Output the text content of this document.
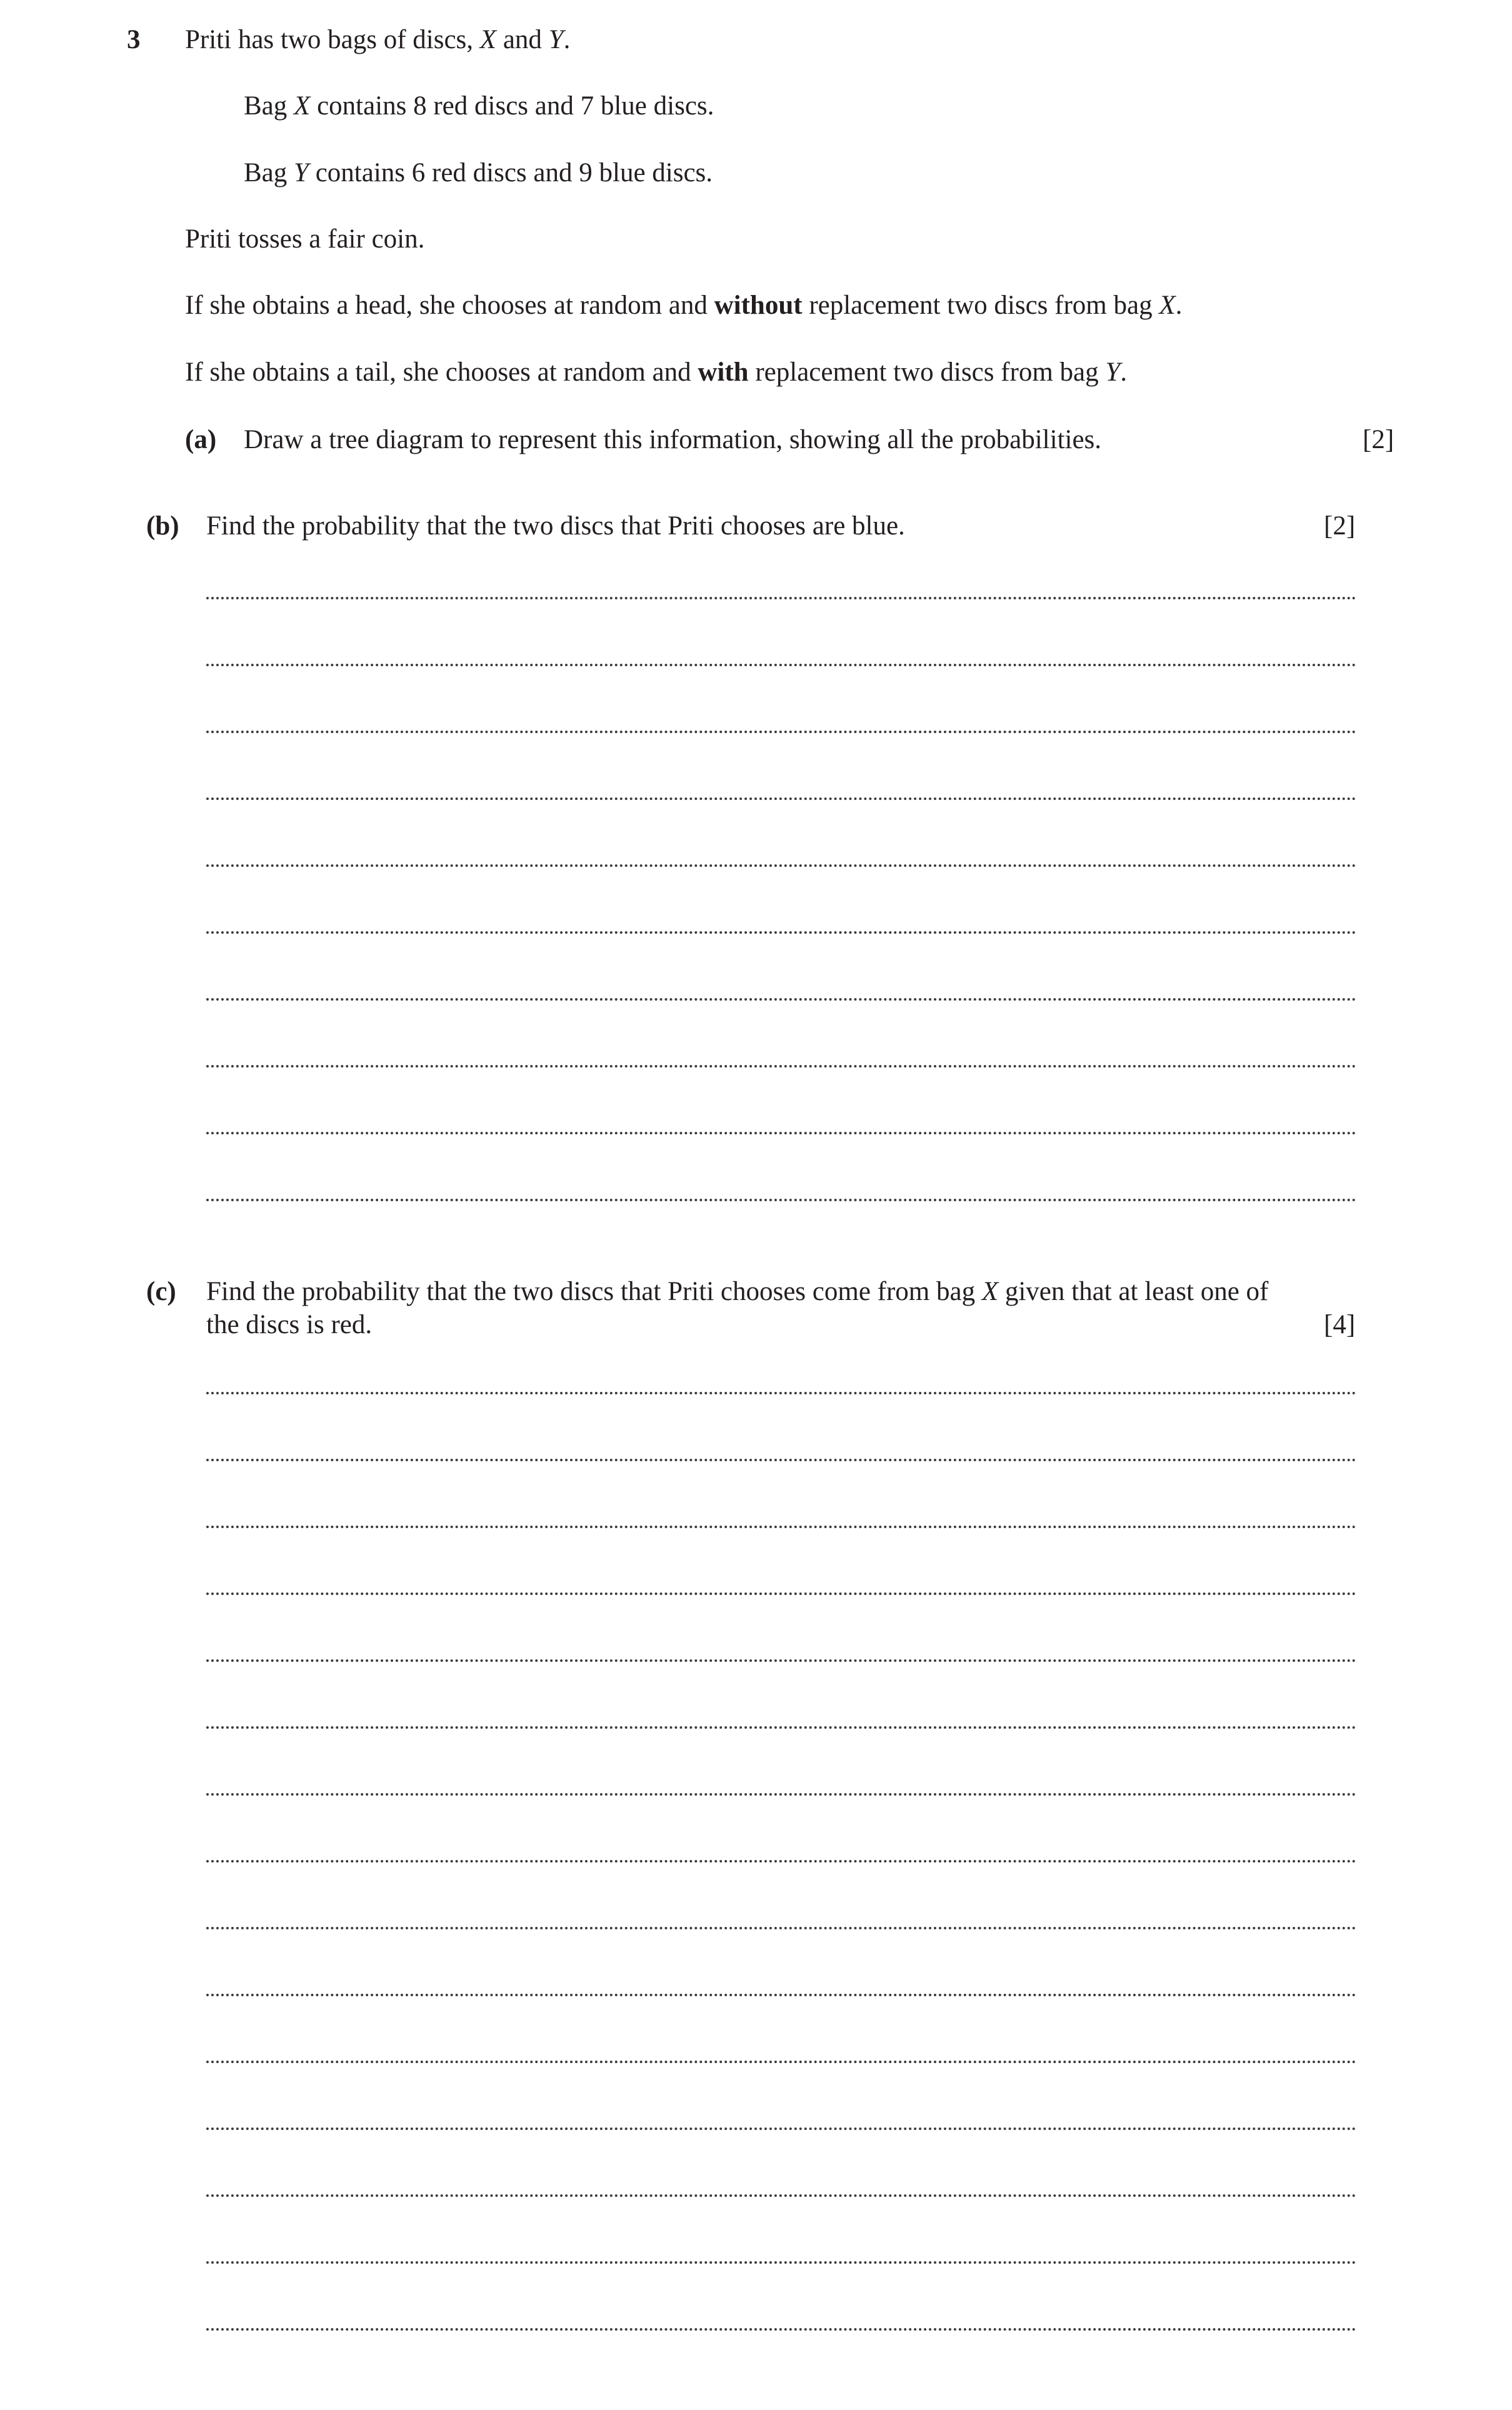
3 Priti has two bags of discs, X and Y.
Bag X contains 8 red discs and 7 blue discs.
Bag Y contains 6 red discs and 9 blue discs.
Priti tosses a fair coin.
If she obtains a head, she chooses at random and without replacement two discs from bag X.
If she obtains a tail, she chooses at random and with replacement two discs from bag Y.
(a) Draw a tree diagram to represent this information, showing all the probabilities.	[2]
(b) Find the probability that the two discs that Priti chooses are blue.	[2]
(c) Find the probability that the two discs that Priti chooses come from bag X given that at least one of
the discs is red.	[4]
